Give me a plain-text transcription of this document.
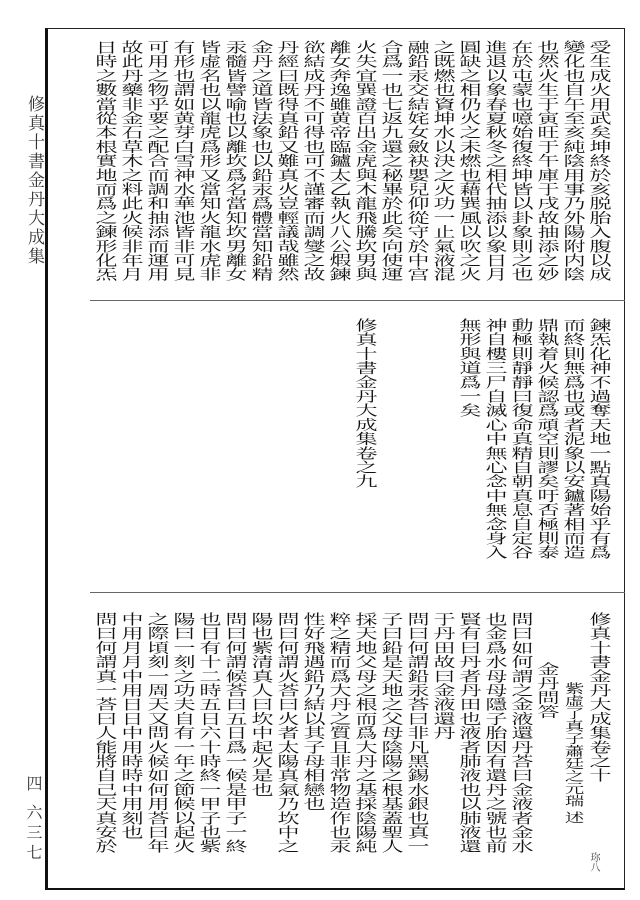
修真十書金丹大成集
四 六三七	珎八
受生成火用武矣坤終於亥脱胎入腹以成
變化也自午至亥純陰用事乃外陽附内陰
也然火生于寅旺于午庫于戌故抽添之妙
在於屯蒙也噫始復終坤皆以卦象則之也
進退以象春夏秋冬之相代抽添以象日月
圓缺之相仍火之未燃也藉巽風以吹之火
之既燃也資坤水以決之火功一止氣液混
融鉛汞交結姹女斂袂嬰兒仰從守於中宫
合爲一也七返九還之秘畢於此矣向使運
火失宜巽證百出金虎與木龍飛騰坎男與
離女奔逸雖黄帝臨鑪太乙執火八公煆鍊
欲結成丹不可得也可不謹審而調燮之故
丹經曰既得真鉛又難真火豈輕議哉雖然
金丹之道皆法象也以鉛汞爲體當知鉛精
汞髓皆譬喻也以離坎爲名當知坎男離女
皆虚名也以龍虎爲形又當知火龍水虎非
有形也謂如黄芽白雪神水華池皆非可見
可用之物乎要之配合而調和抽添而運用
故此丹藥非金石草木之料此火候非年月
日時之數當從本根實地而爲之鍊形化炁
鍊炁化神不過奪天地一點真陽始乎有爲
而終則無爲也或者泥象以安鑪著相而造
鼎執着火候認爲頑空則謬矣吁否極則泰
動極則靜靜曰復命真精自朝真息自定谷
神自樓三尸自滅心中無心念中無念身入
無形與道爲一矣
修真十書金丹大成集卷之九
修真十書金丹大成集卷之十
紫虛了真子蕭廷之元瑞 述
金丹問答
問曰如何謂之金液還丹荅曰金液者金水
也金爲水母母隱子胎因有還丹之號也前
賢有曰丹者丹田也液者肺液也以肺液還
于丹田故曰金液還丹
問曰何謂鉛汞荅曰非凡黑錫水銀也真一
子曰鉛是天地之父母陰陽之根基蓋聖人
採天地父母之根而爲大丹之基採陰陽純
粹之精而爲大丹之質且非常物造作也汞
性好飛遇鉛乃結以其子母相戀也
問曰何謂火荅曰火者太陽真氣乃坎中之
陽也紫清真人曰坎中起火是也
問曰何謂候荅曰五日爲一候是甲子一終
也日有十二時五日六十時終一甲子也紫
陽曰一刻之功夫自有一年之節候以起火
之際頃刻一周天又問火候如何用荅曰年
中用月月中用日日中用時時中用刻也
問曰何謂真一荅曰人能將自己天真安於
